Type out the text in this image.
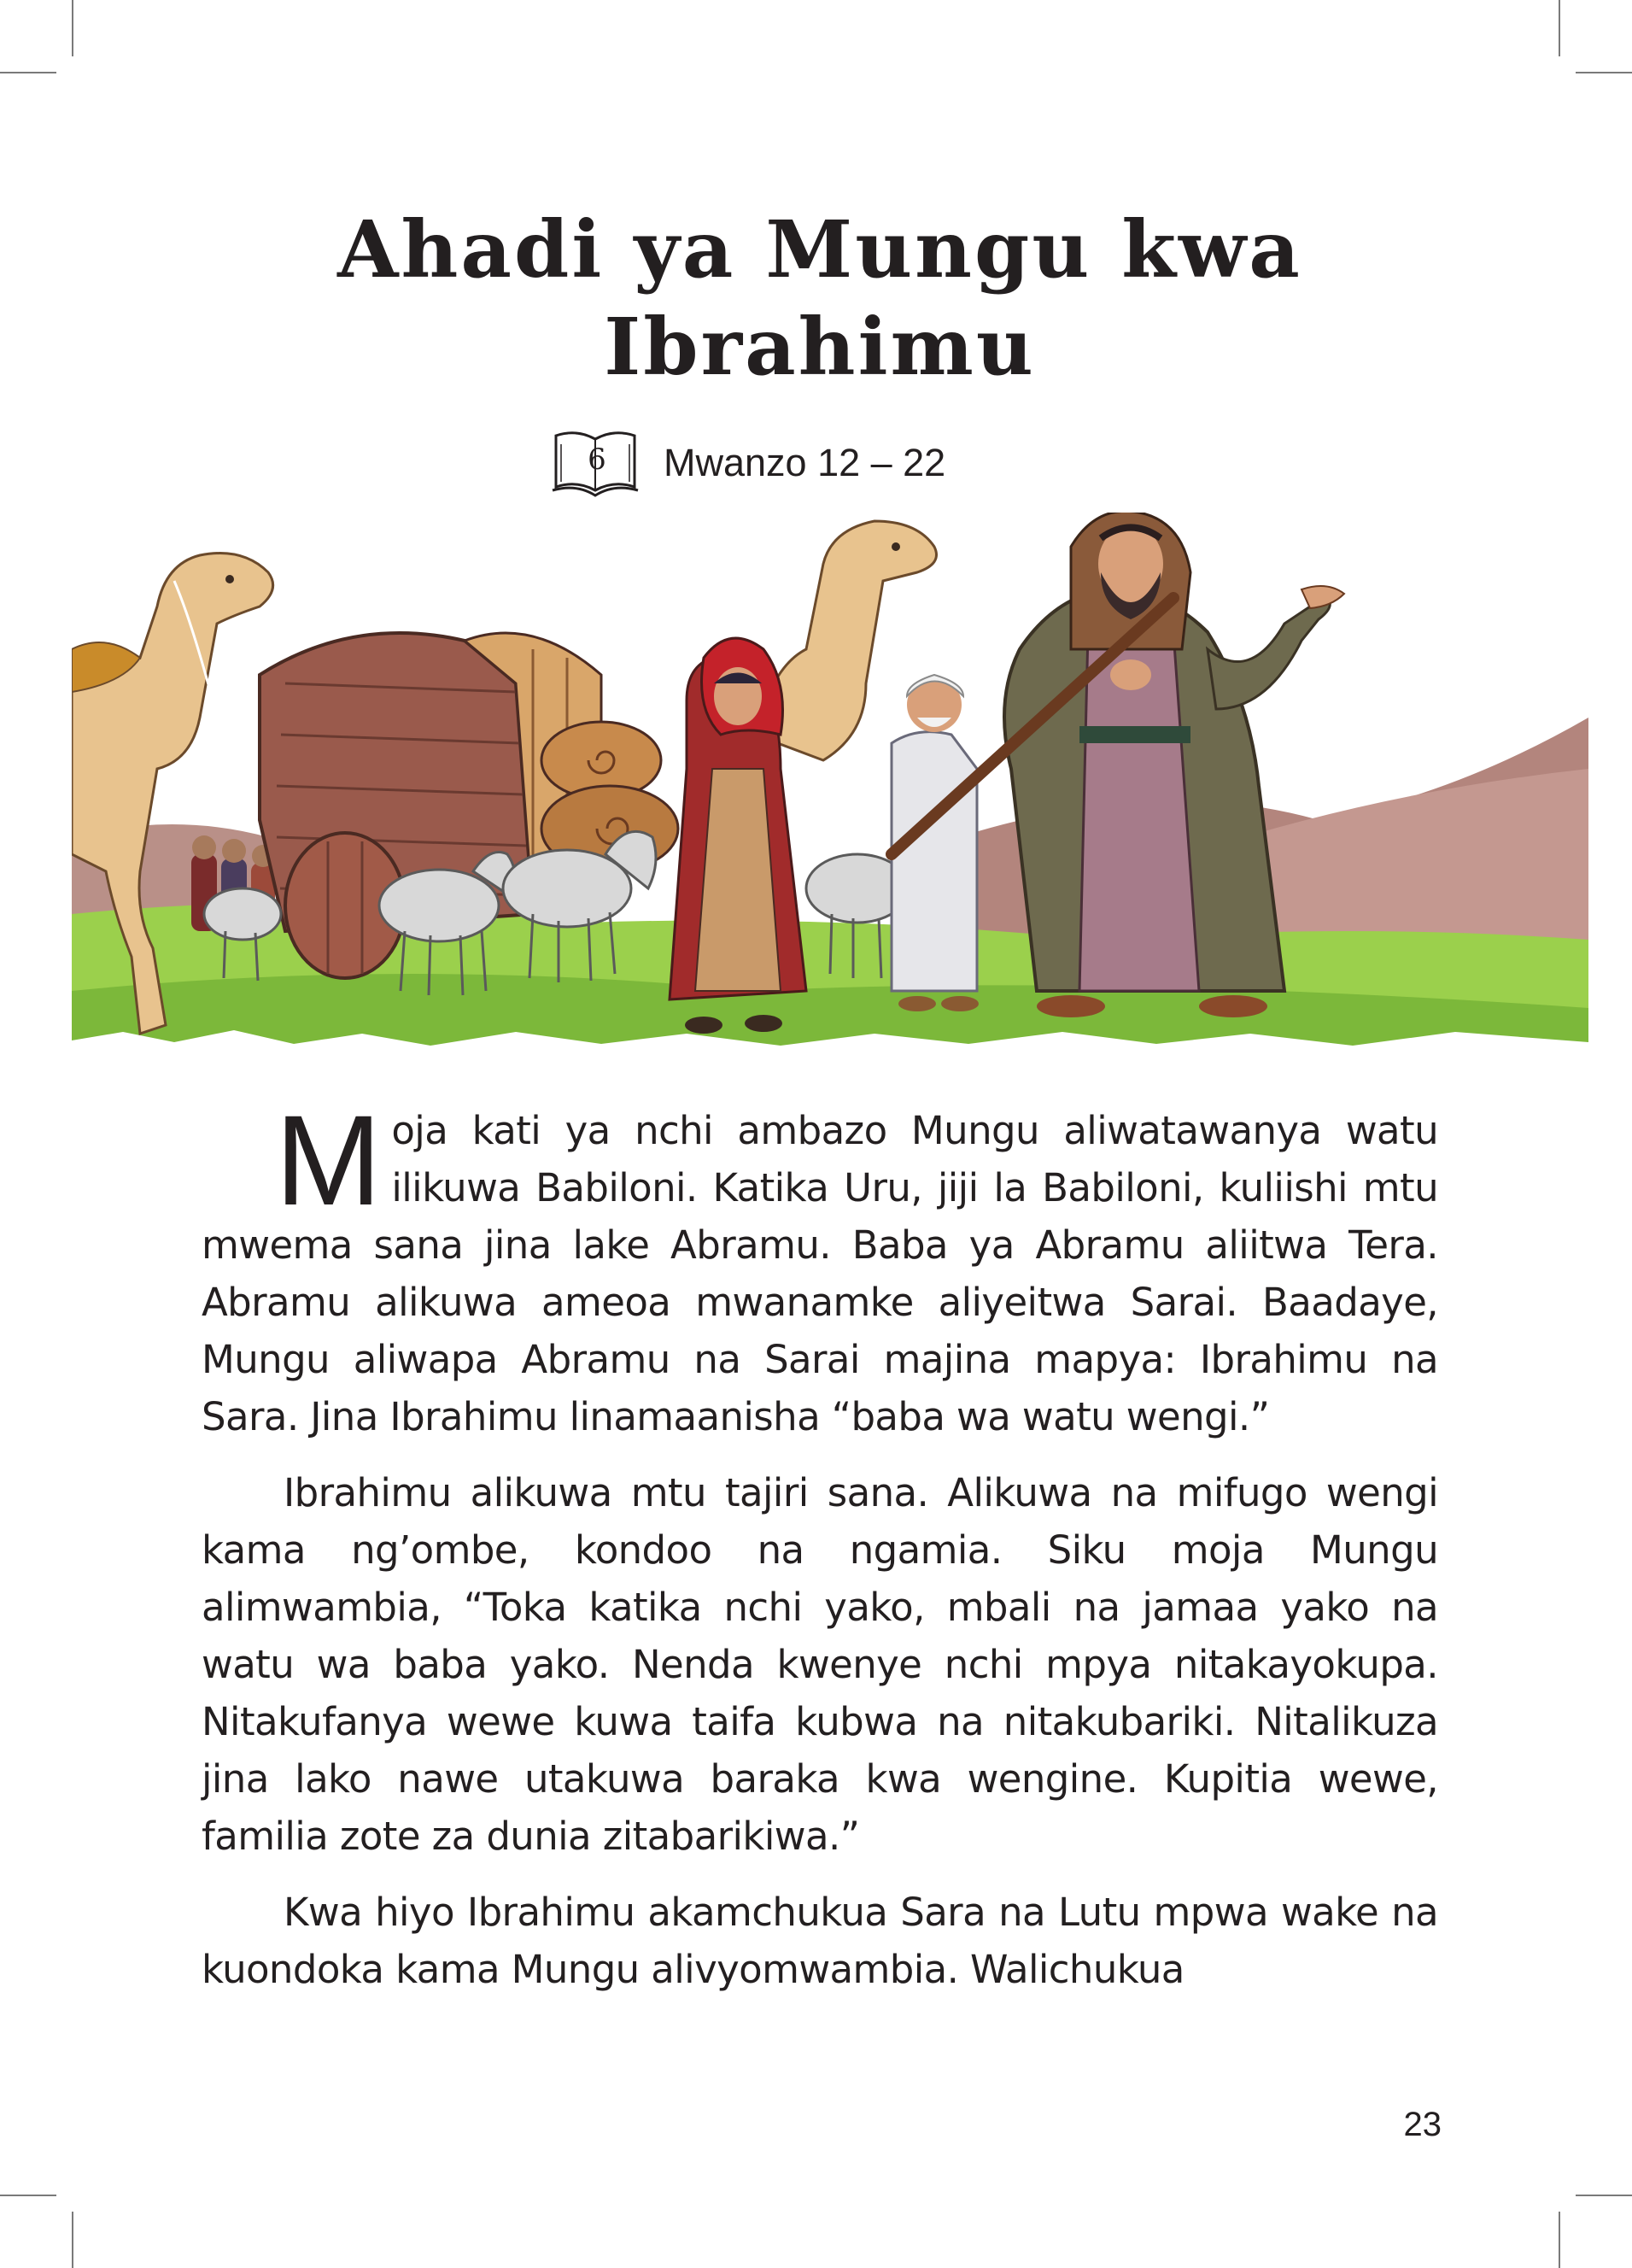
Ahadi ya Mungu kwa
Ibrahimu
6 Mwanzo 12 – 22

Moja kati ya nchi ambazo Mungu aliwatawanya watu ilikuwa Babiloni. Katika Uru, jiji la Babiloni, kuliishi mtu mwema sana jina lake Abramu. Baba ya Abramu aliitwa Tera. Abramu alikuwa ameoa mwanamke aliyeitwa Sarai. Baadaye, Mungu aliwapa Abramu na Sarai majina mapya: Ibrahimu na Sara. Jina Ibrahimu linamaanisha “baba wa watu wengi.”

Ibrahimu alikuwa mtu tajiri sana. Alikuwa na mifugo wengi kama ng’ombe, kondoo na ngamia. Siku moja Mungu alimwambia, “Toka katika nchi yako, mbali na jamaa yako na watu wa baba yako. Nenda kwenye nchi mpya nitakayokupa. Nitakufanya wewe kuwa taifa kubwa na nitakubariki. Nitalikuza jina lako nawe utakuwa baraka kwa wengine. Kupitia wewe, familia zote za dunia zitabarikiwa.”

Kwa hiyo Ibrahimu akamchukua Sara na Lutu mpwa wake na kuondoka kama Mungu alivyomwambia. Walichukua

23
